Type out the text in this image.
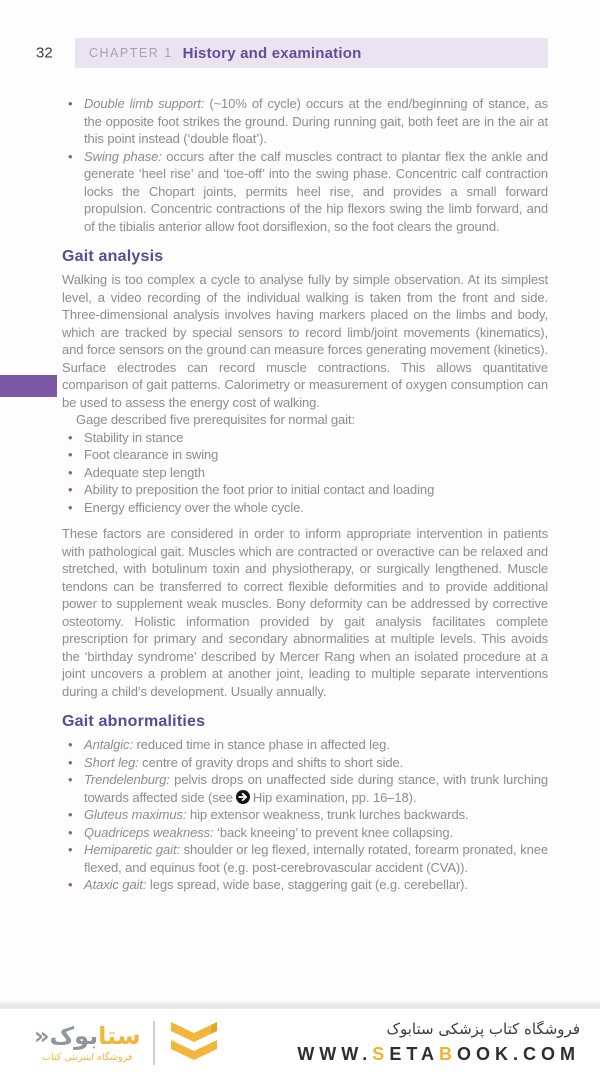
32	CHAPTER 1 History and examination
• Double limb support: (~10% of cycle) occurs at the end/beginning of stance, as the opposite foot strikes the ground. During running gait, both feet are in the air at this point instead (‘double float’).
• Swing phase: occurs after the calf muscles contract to plantar flex the ankle and generate ‘heel rise’ and ‘toe-off’ into the swing phase. Concentric calf contraction locks the Chopart joints, permits heel rise, and provides a small forward propulsion. Concentric contractions of the hip flexors swing the limb forward, and of the tibialis anterior allow foot dorsiflexion, so the foot clears the ground.
Gait analysis

Walking is too complex a cycle to analyse fully by simple observation. At its simplest level, a video recording of the individual walking is taken from the front and side. Three-dimensional analysis involves having markers placed on the limbs and body, which are tracked by special sensors to record limb/joint movements (kinematics), and force sensors on the ground can measure forces generating movement (kinetics). Surface electrodes can record muscle contractions. This allows quantitative comparison of gait patterns. Calorimetry or measurement of oxygen consumption can be used to assess the energy cost of walking.

Gage described five prerequisites for normal gait:

• Stability in stance
• Foot clearance in swing
• Adequate step length
• Ability to preposition the foot prior to initial contact and loading
• Energy efficiency over the whole cycle.

These factors are considered in order to inform appropriate intervention in patients with pathological gait. Muscles which are contracted or overactive can be relaxed and stretched, with botulinum toxin and physiotherapy, or surgically lengthened. Muscle tendons can be transferred to correct flexible deformities and to provide additional power to supplement weak muscles. Bony deformity can be addressed by corrective osteotomy. Holistic information provided by gait analysis facilitates complete prescription for primary and secondary abnormalities at multiple levels. This avoids the ‘birthday syndrome’ described by Mercer Rang when an isolated procedure at a joint uncovers a problem at another joint, leading to multiple separate interventions during a child’s development. Usually annually.

Gait abnormalities
• Antalgic: reduced time in stance phase in affected leg.
• Short leg: centre of gravity drops and shifts to short side.
• Trendelenburg: pelvis drops on unaffected side during stance, with trunk lurching towards affected side (see Hip examination, pp. 16–18).
• Gluteus maximus: hip extensor weakness, trunk lurches backwards.
• Quadriceps weakness: ‘back kneeing’ to prevent knee collapsing.
• Hemiparetic gait: shoulder or leg flexed, internally rotated, forearm pronated, knee flexed, and equinus foot (e.g. post-cerebrovascular accident (CVA)).
• Ataxic gait: legs spread, wide base, staggering gait (e.g. cerebellar).
ستابوک«
فروشگاه اینترنتی کتاب
فروشگاه کتاب پزشکی ستابوک
WWW.SETABOOK.COM
